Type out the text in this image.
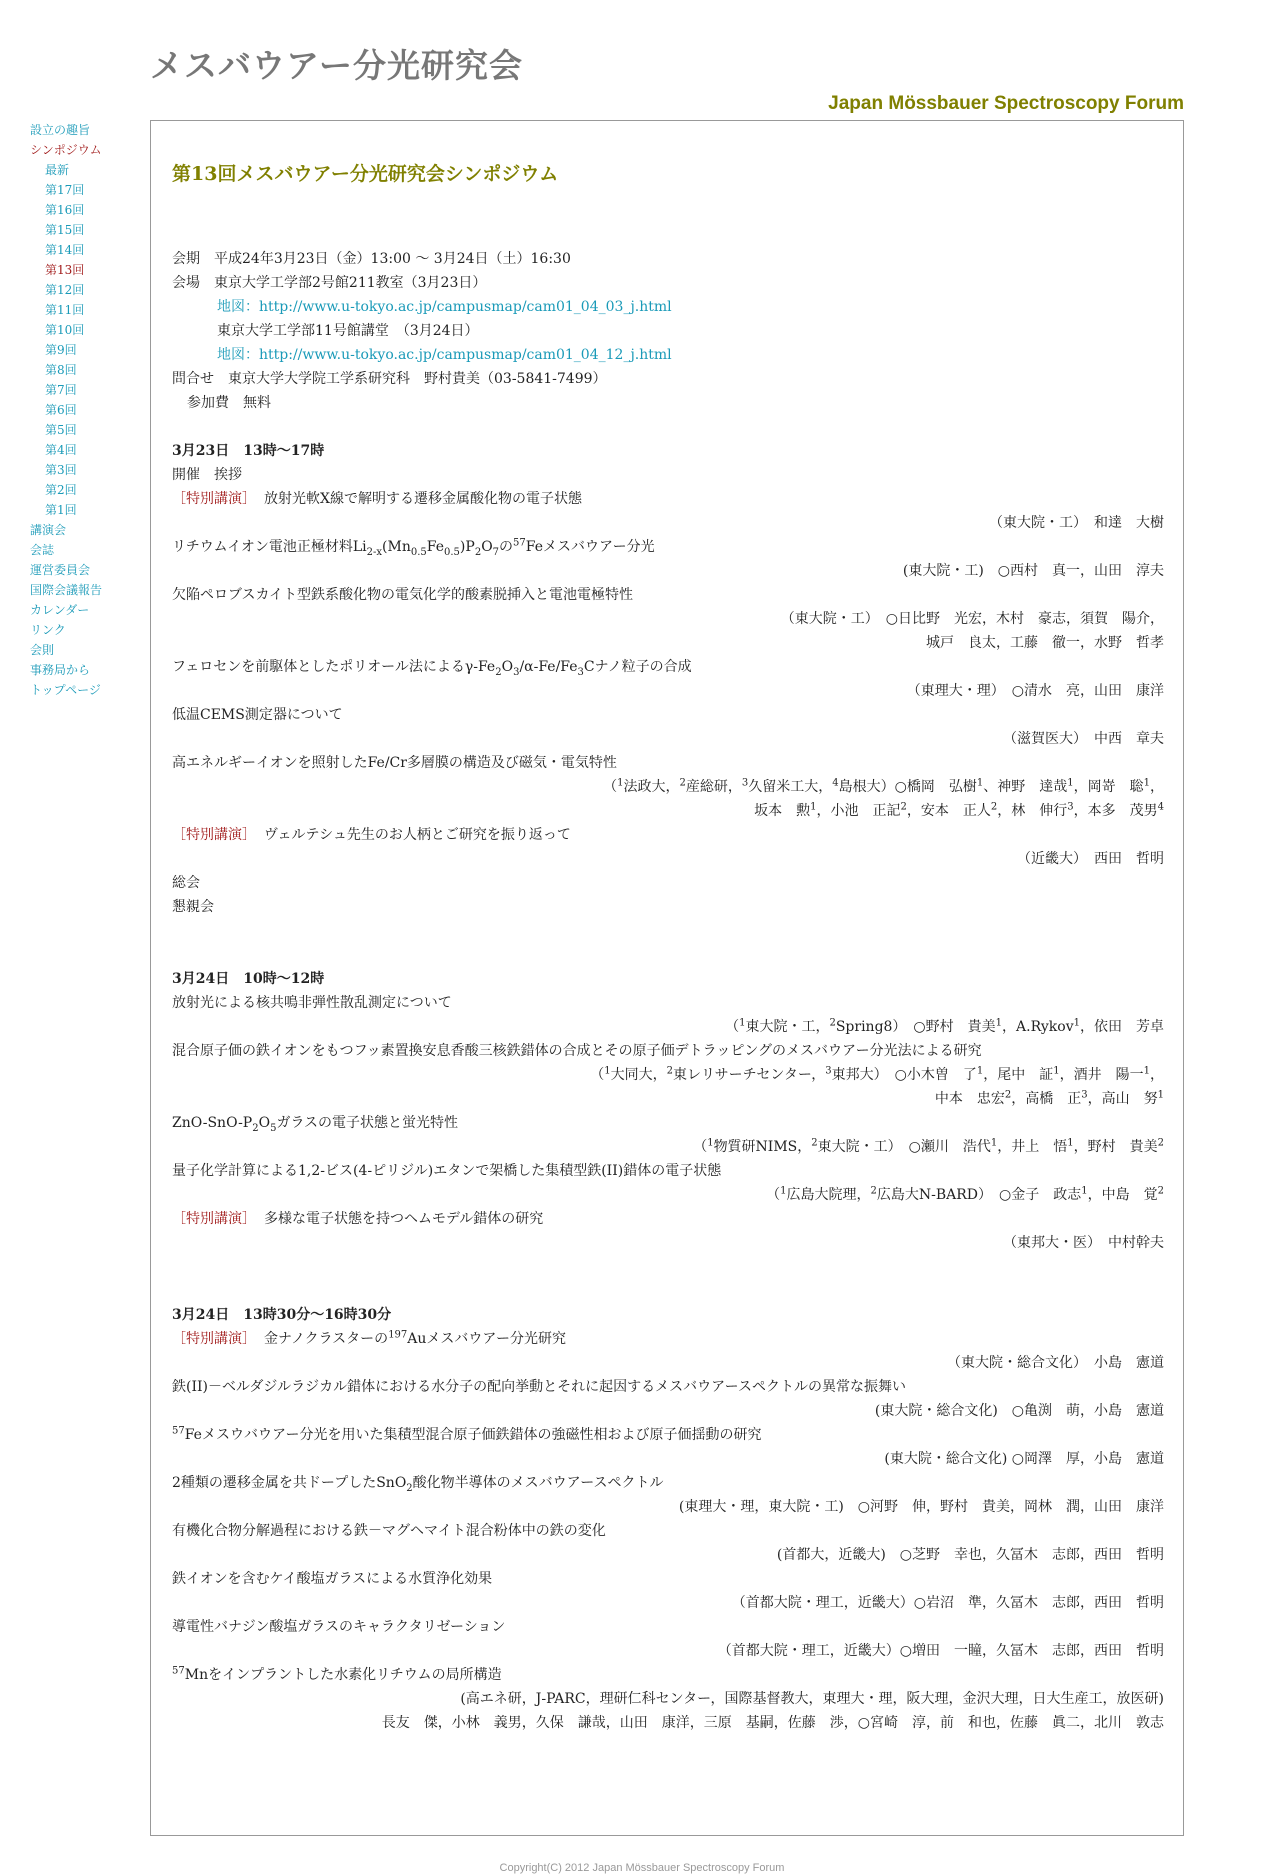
メスバウアー分光研究会
Japan Mössbauer Spectroscopy Forum
設立の趣旨
シンポジウム
最新
第17回
第16回
第15回
第14回
第13回
第12回
第11回
第10回
第9回
第8回
第7回
第6回
第5回
第4回
第3回
第2回
第1回
講演会
会誌
運営委員会
国際会議報告
カレンダー
リンク
会則
事務局から
トップページ
第13回メスバウアー分光研究会シンポジウム
会期　平成24年3月23日（金）13:00 ～ 3月24日（土）16:30
会場　東京大学工学部2号館211教室（3月23日）
地図：http://www.u-tokyo.ac.jp/campusmap/cam01_04_03_j.html
東京大学工学部11号館講堂　（3月24日）
地図：http://www.u-tokyo.ac.jp/campusmap/cam01_04_12_j.html
問合せ　東京大学大学院工学系研究科　野村貴美（03-5841-7499）
参加費　無料
3月23日　13時～17時
開催　挨拶
［特別講演］ 放射光軟X線で解明する遷移金属酸化物の電子状態
（東大院・工）　和達　大樹
リチウムイオン電池正極材料$Li_{2-x}(Mn_{0.5}Fe_{0.5})P_2O_7$の$^{57}$Feメスバウアー分光
(東大院・工)　○西村　真一，山田　淳夫
欠陥ペロブスカイト型鉄系酸化物の電気化学的酸素脱挿入と電池電極特性
（東大院・工）　○日比野　光宏，木村　豪志，須賀　陽介，
城戸　良太，工藤　徹一，水野　哲孝
フェロセンを前駆体としたポリオール法による$\gamma-Fe_2O_3/\alpha-Fe/Fe_3C$ナノ粒子の合成
（東理大・理）　○清水　亮，山田　康洋
低温CEMS測定器について
（滋賀医大）　中西　章夫
高エネルギーイオンを照射したFe/Cr多層膜の構造及び磁気・電気特性
（$^1$法政大，$^2$産総研，$^3$久留米工大，$^4$島根大）○橋岡　弘樹$^1$、神野　達哉$^1$，岡嵜　聡$^1$，
坂本　勲$^1$，小池　正記$^2$，安本　正人$^2$，林　伸行$^3$，本多　茂男$^4$
［特別講演］ ヴェルテシュ先生のお人柄とご研究を振り返って
（近畿大）　西田　哲明
総会
懇親会
3月24日　10時～12時
放射光による核共鳴非弾性散乱測定について
（$^1$東大院・工，$^2$Spring8）　○野村　貴美$^1$，A.Rykov$^1$，依田　芳卓
混合原子価の鉄イオンをもつフッ素置換安息香酸三核鉄錯体の合成とその原子価デトラッピングのメスバウアー分光法による研究
（$^1$大同大，$^2$東レリサーチセンター，$^3$東邦大）　○小木曽　了$^1$，尾中　証$^1$，酒井　陽一$^1$，
中本　忠宏$^2$，高橋　正$^3$，高山　努$^1$
ZnO-$SnO-P_2O_5$ガラスの電子状態と蛍光特性
（$^1$物質研NIMS，$^2$東大院・工）　○瀬川　浩代$^1$，井上　悟$^1$，野村　貴美$^2$
量子化学計算による1,2-ビス(4-ピリジル)エタンで架橋した集積型鉄(II)錯体の電子状態
（$^1$広島大院理，$^2$広島大N-BARD）　○金子　政志$^1$，中島　覚$^2$
［特別講演］ 多様な電子状態を持つヘムモデル錯体の研究
（東邦大・医）　中村幹夫
3月24日　13時30分～16時30分
［特別講演］ 金ナノクラスターの$^{197}$Auメスバウアー分光研究
（東大院・総合文化）　小島　憲道
鉄(II)－ベルダジルラジカル錯体における水分子の配向挙動とそれに起因するメスバウアースペクトルの異常な振舞い
(東大院・総合文化)　○亀渕　萌，小島　憲道
$^{57}$Feメスウバウアー分光を用いた集積型混合原子価鉄錯体の強磁性相および原子価揺動の研究
(東大院・総合文化) ○岡澤　厚，小島　憲道
2種類の遷移金属を共ドープしたSnO$_2$酸化物半導体のメスバウアースペクトル
(東理大・理，東大院・工)　○河野　伸，野村　貴美，岡林　潤，山田　康洋
有機化合物分解過程における鉄－マグヘマイト混合粉体中の鉄の変化
(首都大，近畿大)　○芝野　幸也，久冨木　志郎，西田　哲明
鉄イオンを含むケイ酸塩ガラスによる水質浄化効果
（首都大院・理工，近畿大）○岩沼　準，久冨木　志郎，西田　哲明
導電性バナジン酸塩ガラスのキャラクタリゼーション
（首都大院・理工，近畿大）○増田　一瞳，久冨木　志郎，西田　哲明
$^{57}$Mnをインプラントした水素化リチウムの局所構造
(高エネ研，J-PARC，理研仁科センター，国際基督教大，東理大・理，阪大理，金沢大理，日大生産工，放医研)
長友　傑，小林　義男，久保　謙哉，山田　康洋，三原　基嗣，佐藤　渉，○宮崎　淳，前　和也，佐藤　眞二，北川　敦志
Copyright(C) 2012 Japan Mössbauer Spectroscopy Forum
